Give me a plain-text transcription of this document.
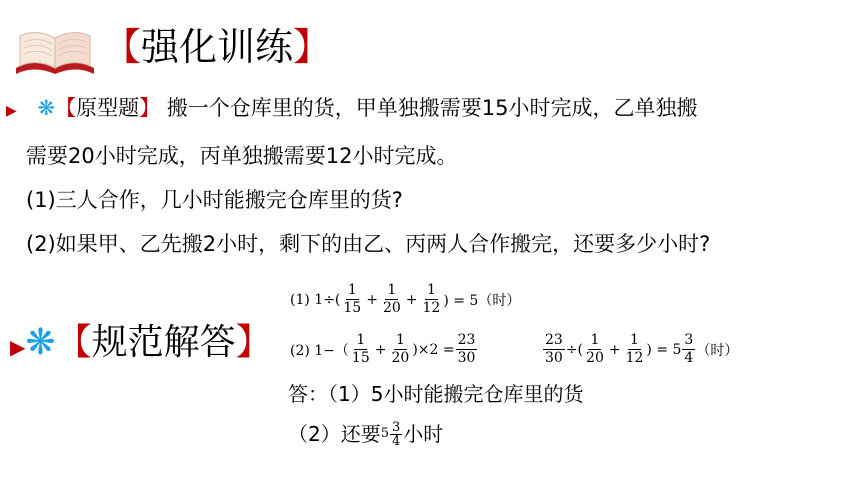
【强化训练】
▶ ❋【原型题】 搬一个仓库里的货，甲单独搬需要15小时完成，乙单独搬
需要20小时完成，丙单独搬需要12小时完成。
(1)三人合作，几小时能搬完仓库里的货?
(2)如果甲、乙先搬2小时，剩下的由乙、丙两人合作搬完，还要多少小时?
(1) $1\div( \frac{1}{15} + \frac{1}{20} + \frac{1}{12}$ ) = 5（时）
▶❋【规范解答】 (2) $1-( \frac{1}{15} + \frac{1}{20} )\times 2 = \frac{23}{30}$	$\frac{23}{30}$ ÷( $\frac{1}{20} + \frac{1}{12}$ ) = $5 \frac{3}{4}$ （时）
答：（1）5小时能搬完仓库里的货
（2）还要 $5 \frac{3}{4}$ 小时
